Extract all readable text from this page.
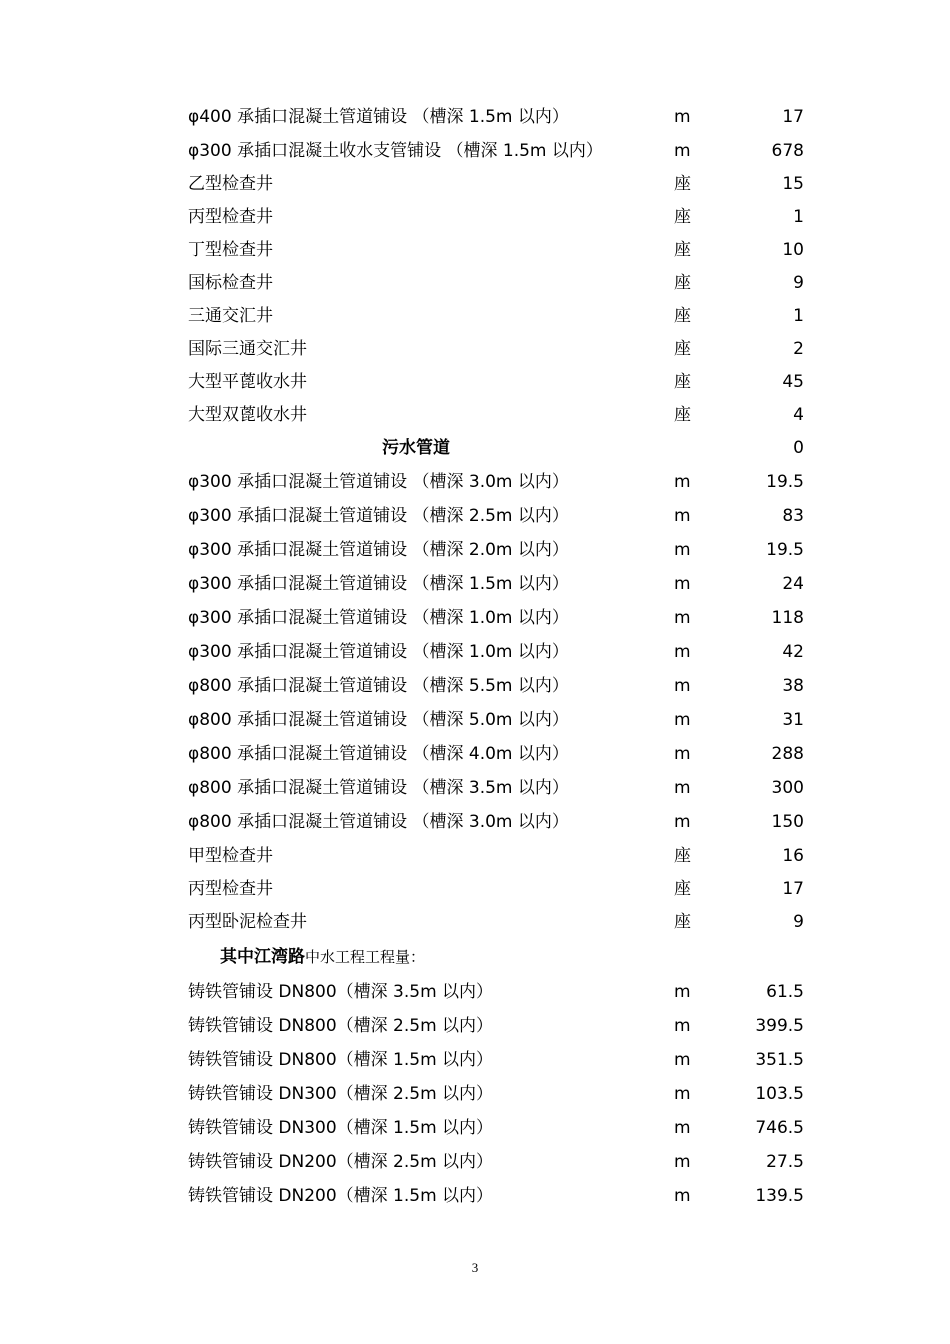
φ400 承插口混凝土管道铺设 （槽深 1.5m 以内）	m	17
φ300 承插口混凝土收水支管铺设 （槽深 1.5m 以内）	m	678
乙型检查井	座	15
丙型检查井	座	1
丁型检查井	座	10
国标检查井	座	9
三通交汇井	座	1
国际三通交汇井	座	2
大型平蓖收水井	座	45
大型双蓖收水井	座	4
污水管道	0
φ300 承插口混凝土管道铺设 （槽深 3.0m 以内）	m	19.5
φ300 承插口混凝土管道铺设 （槽深 2.5m 以内）	m	83
φ300 承插口混凝土管道铺设 （槽深 2.0m 以内）	m	19.5
φ300 承插口混凝土管道铺设 （槽深 1.5m 以内）	m	24
φ300 承插口混凝土管道铺设 （槽深 1.0m 以内）	m	118
φ300 承插口混凝土管道铺设 （槽深 1.0m 以内）	m	42
φ800 承插口混凝土管道铺设 （槽深 5.5m 以内）	m	38
φ800 承插口混凝土管道铺设 （槽深 5.0m 以内）	m	31
φ800 承插口混凝土管道铺设 （槽深 4.0m 以内）	m	288
φ800 承插口混凝土管道铺设 （槽深 3.5m 以内）	m	300
φ800 承插口混凝土管道铺设 （槽深 3.0m 以内）	m	150
甲型检查井	座	16
丙型检查井	座	17
丙型卧泥检查井	座	9
其中江湾路中水工程工程量：
铸铁管铺设 DN800（槽深 3.5m 以内）	m	61.5
铸铁管铺设 DN800（槽深 2.5m 以内）	m	399.5
铸铁管铺设 DN800（槽深 1.5m 以内）	m	351.5
铸铁管铺设 DN300（槽深 2.5m 以内）	m	103.5
铸铁管铺设 DN300（槽深 1.5m 以内）	m	746.5
铸铁管铺设 DN200（槽深 2.5m 以内）	m	27.5
铸铁管铺设 DN200（槽深 1.5m 以内）	m	139.5
3
